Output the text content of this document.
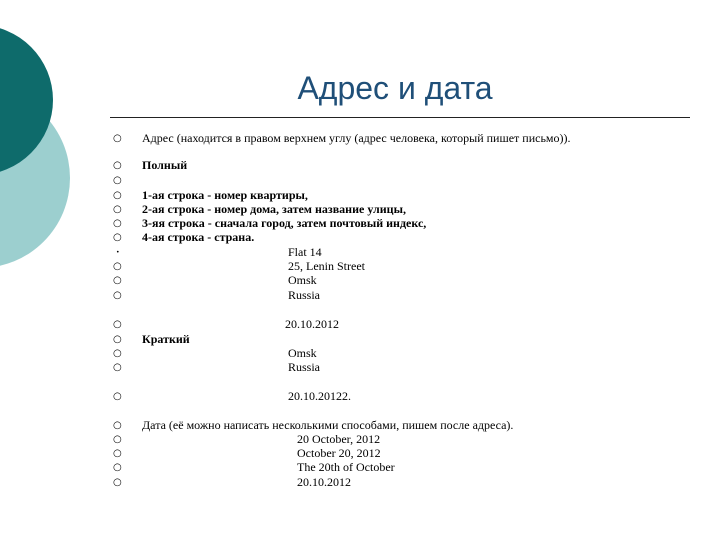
Адрес и дата

○

	Адрес (находится в правом верхнем углу (адрес человека, который пишет письмо)).

○

	Полный

○

○

	1-ая строка - номер квартиры,

○

	2-ая строка - номер дома, затем название улицы,

○

	3-яя строка - сначала город, затем почтовый индекс,

○

	4-ая строка - страна.

•

	Flat 14

○

	25, Lenin Street

○

	Omsk

○

	Russia

○

	20.10.2012

○

	Краткий

○

	Omsk

○

	Russia

○

	20.10.20122.

○

	Дата (её можно написать несколькими способами, пишем после адреса).

○

	20 October, 2012

○

	October 20, 2012

○

	The 20th of October

○

	20.10.2012
